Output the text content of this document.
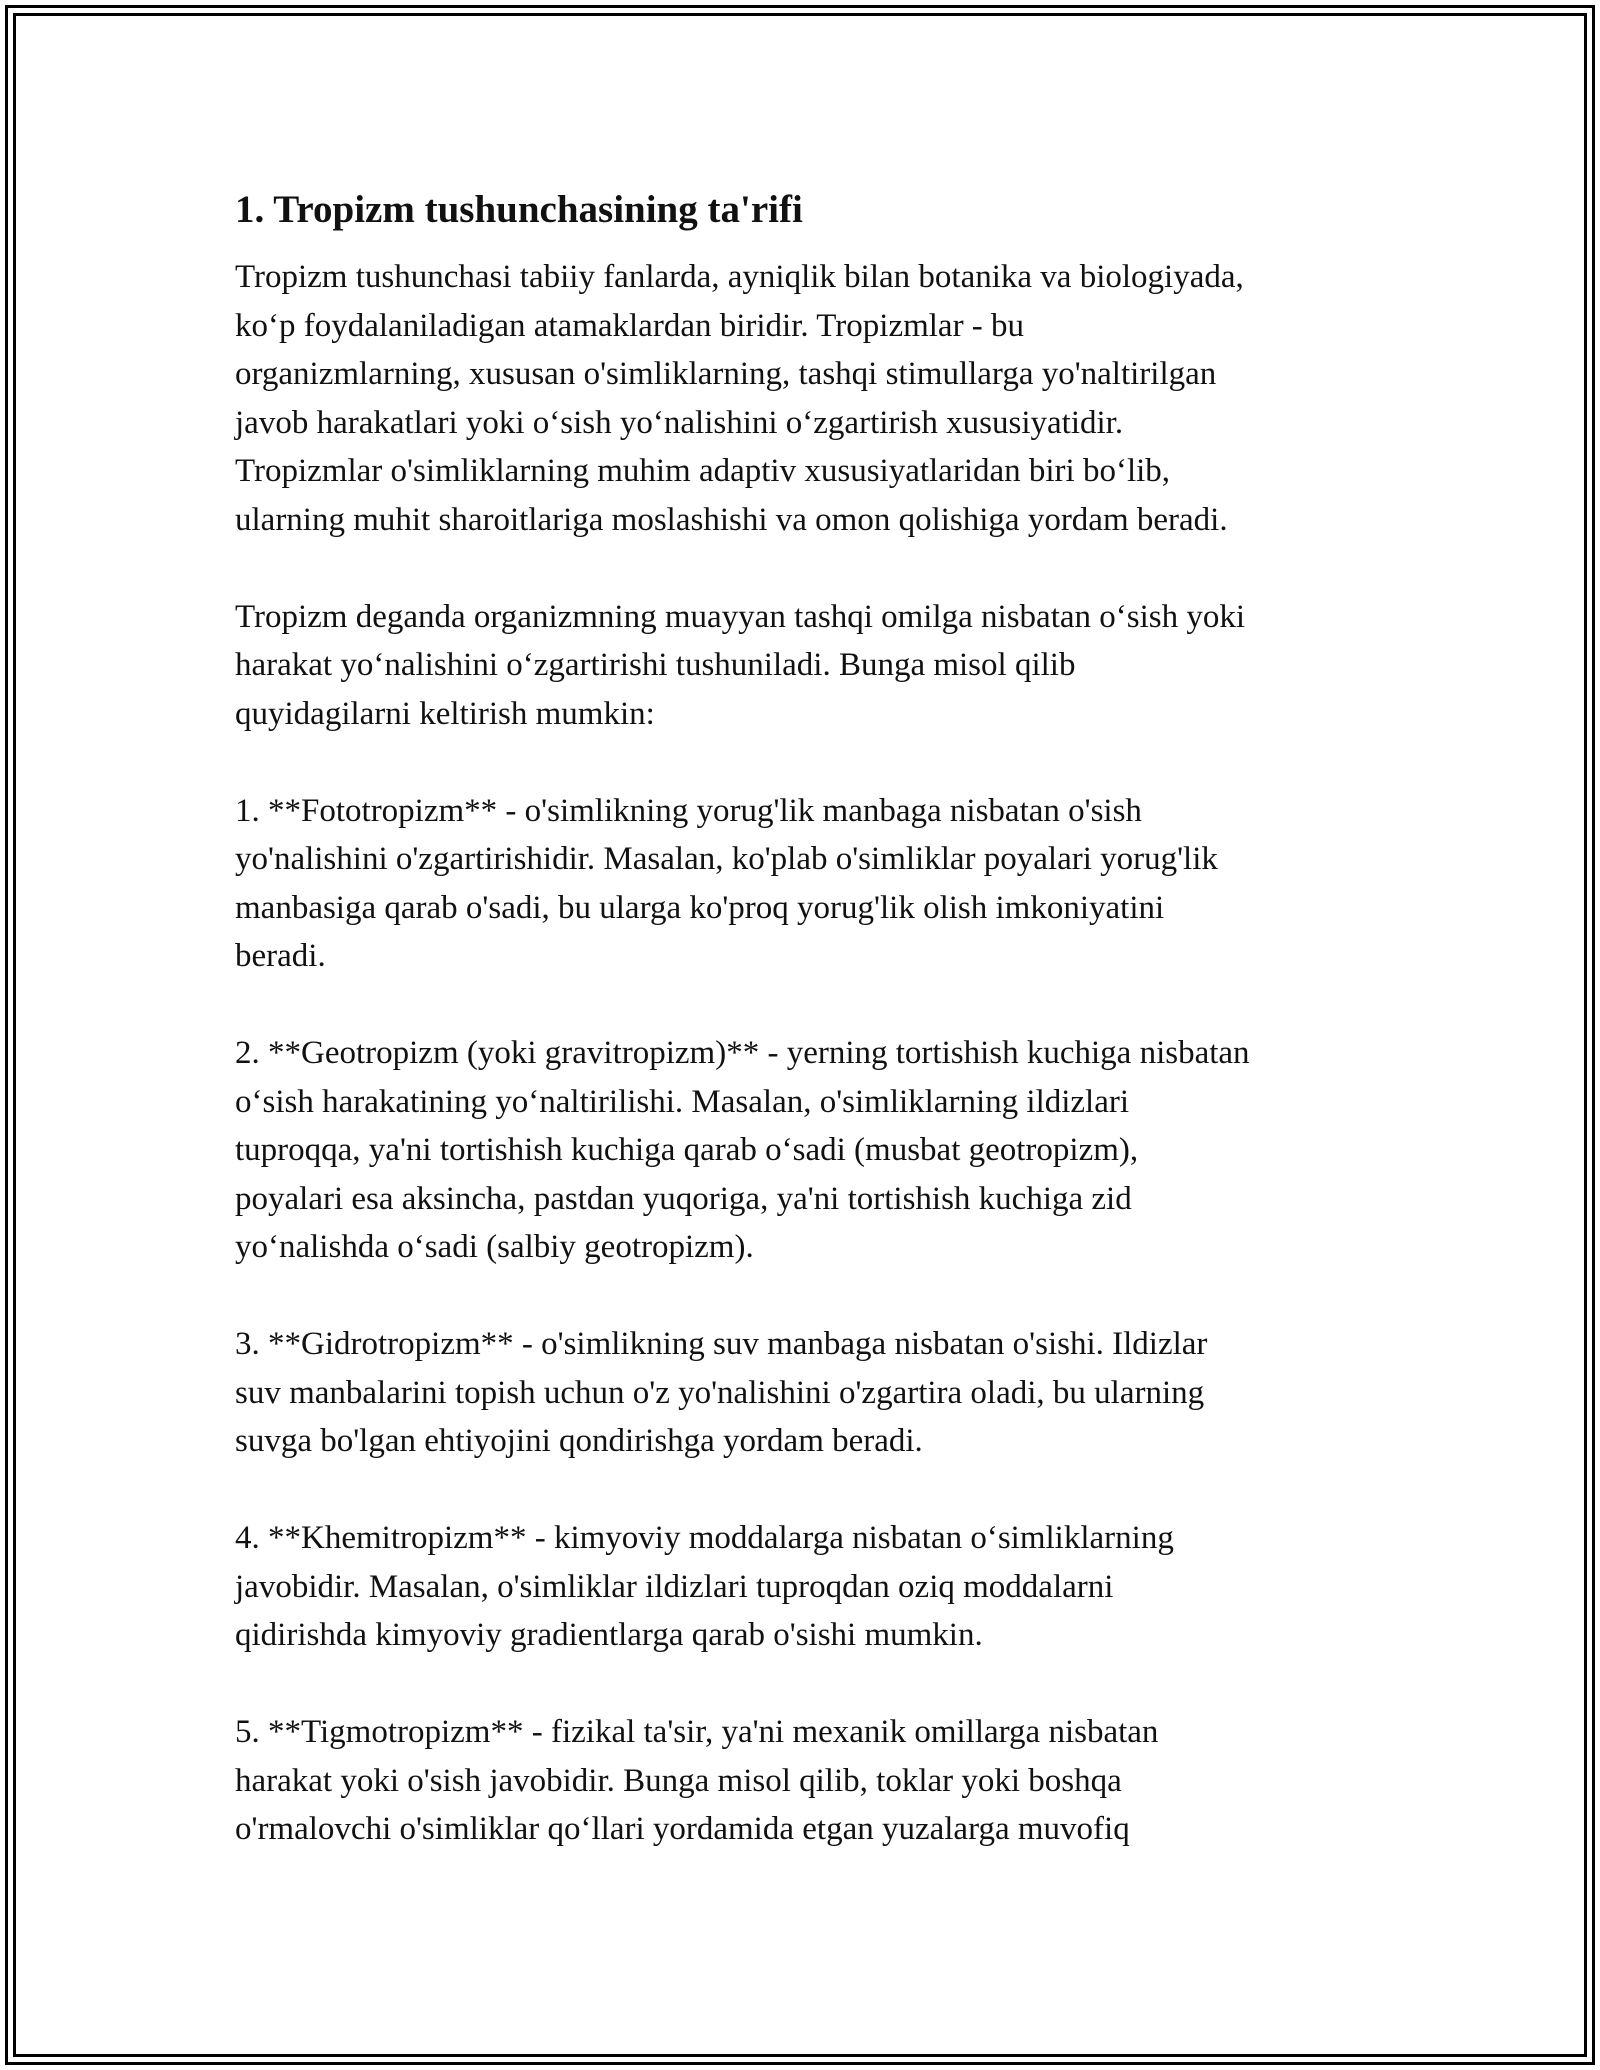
1. Tropizm tushunchasining ta'rifi

Tropizm tushunchasi tabiiy fanlarda, ayniqlik bilan botanika va biologiyada,
ko‘p foydalaniladigan atamaklardan biridir. Tropizmlar - bu
organizmlarning, xususan o'simliklarning, tashqi stimullarga yo'naltirilgan
javob harakatlari yoki o‘sish yo‘nalishini o‘zgartirish xususiyatidir.
Tropizmlar o'simliklarning muhim adaptiv xususiyatlaridan biri bo‘lib,
ularning muhit sharoitlariga moslashishi va omon qolishiga yordam beradi.

Tropizm deganda organizmning muayyan tashqi omilga nisbatan o‘sish yoki
harakat yo‘nalishini o‘zgartirishi tushuniladi. Bunga misol qilib
quyidagilarni keltirish mumkin:

1. **Fototropizm** - o'simlikning yorug'lik manbaga nisbatan o'sish
yo'nalishini o'zgartirishidir. Masalan, ko'plab o'simliklar poyalari yorug'lik
manbasiga qarab o'sadi, bu ularga ko'proq yorug'lik olish imkoniyatini
beradi.

2. **Geotropizm (yoki gravitropizm)** - yerning tortishish kuchiga nisbatan
o‘sish harakatining yo‘naltirilishi. Masalan, o'simliklarning ildizlari
tuproqqa, ya'ni tortishish kuchiga qarab o‘sadi (musbat geotropizm),
poyalari esa aksincha, pastdan yuqoriga, ya'ni tortishish kuchiga zid
yo‘nalishda o‘sadi (salbiy geotropizm).

3. **Gidrotropizm** - o'simlikning suv manbaga nisbatan o'sishi. Ildizlar
suv manbalarini topish uchun o'z yo'nalishini o'zgartira oladi, bu ularning
suvga bo'lgan ehtiyojini qondirishga yordam beradi.

4. **Khemitropizm** - kimyoviy moddalarga nisbatan o‘simliklarning
javobidir. Masalan, o'simliklar ildizlari tuproqdan oziq moddalarni
qidirishda kimyoviy gradientlarga qarab o'sishi mumkin.

5. **Tigmotropizm** - fizikal ta'sir, ya'ni mexanik omillarga nisbatan
harakat yoki o'sish javobidir. Bunga misol qilib, toklar yoki boshqa
o'rmalovchi o'simliklar qo‘llari yordamida etgan yuzalarga muvofiq
